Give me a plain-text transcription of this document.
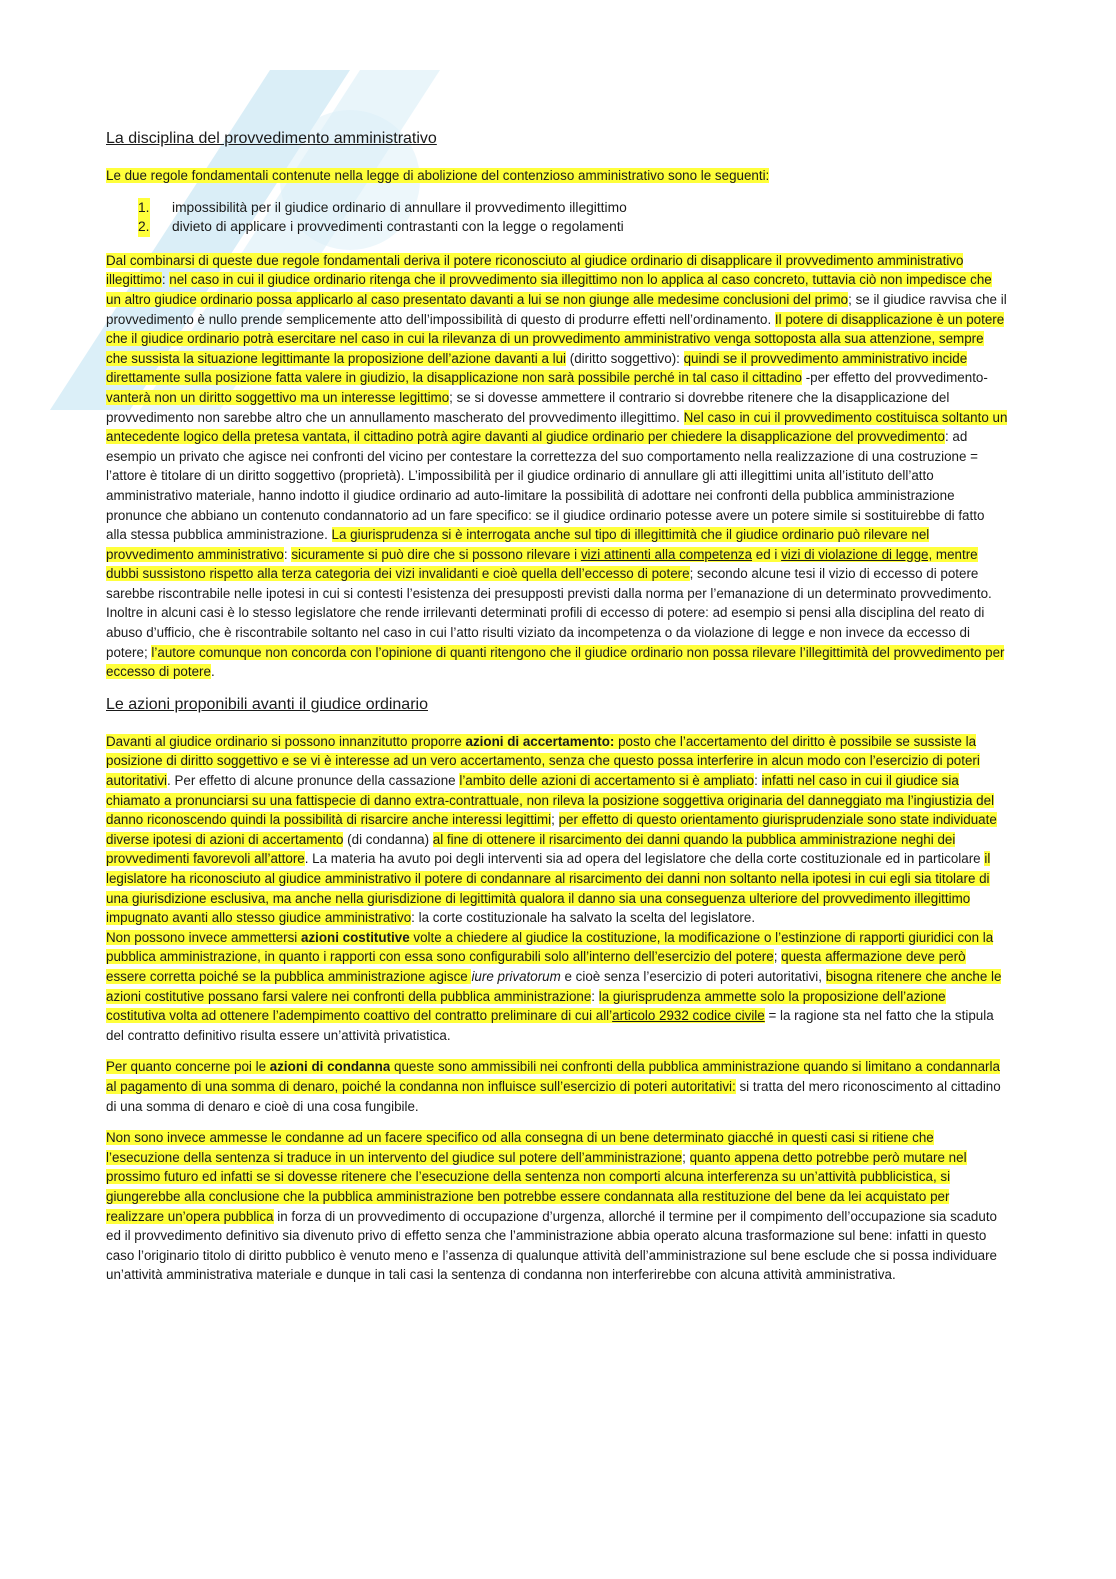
La disciplina del provvedimento amministrativo

Le due regole fondamentali contenute nella legge di abolizione del contenzioso amministrativo sono le seguenti:

1. impossibilità per il giudice ordinario di annullare il provvedimento illegittimo
2. divieto di applicare i provvedimenti contrastanti con la legge o regolamenti

Dal combinarsi di queste due regole fondamentali deriva il potere riconosciuto al giudice ordinario di disapplicare il provvedimento amministrativo illegittimo: nel caso in cui il giudice ordinario ritenga che il provvedimento sia illegittimo non lo applica al caso concreto, tuttavia ciò non impedisce che un altro giudice ordinario possa applicarlo al caso presentato davanti a lui se non giunge alle medesime conclusioni del primo; se il giudice ravvisa che il provvedimento è nullo prende semplicemente atto dell’impossibilità di questo di produrre effetti nell’ordinamento. Il potere di disapplicazione è un potere che il giudice ordinario potrà esercitare nel caso in cui la rilevanza di un provvedimento amministrativo venga sottoposta alla sua attenzione, sempre che sussista la situazione legittimante la proposizione dell’azione davanti a lui (diritto soggettivo): quindi se il provvedimento amministrativo incide direttamente sulla posizione fatta valere in giudizio, la disapplicazione non sarà possibile perché in tal caso il cittadino -per effetto del provvedimento- vanterà non un diritto soggettivo ma un interesse legittimo; se si dovesse ammettere il contrario si dovrebbe ritenere che la disapplicazione del provvedimento non sarebbe altro che un annullamento mascherato del provvedimento illegittimo. Nel caso in cui il provvedimento costituisca soltanto un antecedente logico della pretesa vantata, il cittadino potrà agire davanti al giudice ordinario per chiedere la disapplicazione del provvedimento: ad esempio un privato che agisce nei confronti del vicino per contestare la correttezza del suo comportamento nella realizzazione di una costruzione = l’attore è titolare di un diritto soggettivo (proprietà). L’impossibilità per il giudice ordinario di annullare gli atti illegittimi unita all’istituto dell’atto amministrativo materiale, hanno indotto il giudice ordinario ad auto-limitare la possibilità di adottare nei confronti della pubblica amministrazione pronunce che abbiano un contenuto condannatorio ad un fare specifico: se il giudice ordinario potesse avere un potere simile si sostituirebbe di fatto alla stessa pubblica amministrazione. La giurisprudenza si è interrogata anche sul tipo di illegittimità che il giudice ordinario può rilevare nel provvedimento amministrativo: sicuramente si può dire che si possono rilevare i vizi attinenti alla competenza ed i vizi di violazione di legge, mentre dubbi sussistono rispetto alla terza categoria dei vizi invalidanti e cioè quella dell’eccesso di potere; secondo alcune tesi il vizio di eccesso di potere sarebbe riscontrabile nelle ipotesi in cui si contesti l’esistenza dei presupposti previsti dalla norma per l’emanazione di un determinato provvedimento. Inoltre in alcuni casi è lo stesso legislatore che rende irrilevanti determinati profili di eccesso di potere: ad esempio si pensi alla disciplina del reato di abuso d’ufficio, che è riscontrabile soltanto nel caso in cui l’atto risulti viziato da incompetenza o da violazione di legge e non invece da eccesso di potere; l’autore comunque non concorda con l’opinione di quanti ritengono che il giudice ordinario non possa rilevare l’illegittimità del provvedimento per eccesso di potere.

Le azioni proponibili avanti il giudice ordinario

Davanti al giudice ordinario si possono innanzitutto proporre azioni di accertamento: posto che l’accertamento del diritto è possibile se sussiste la posizione di diritto soggettivo e se vi è interesse ad un vero accertamento, senza che questo possa interferire in alcun modo con l’esercizio di poteri autoritativi. Per effetto di alcune pronunce della cassazione l’ambito delle azioni di accertamento si è ampliato: infatti nel caso in cui il giudice sia chiamato a pronunciarsi su una fattispecie di danno extra-contrattuale, non rileva la posizione soggettiva originaria del danneggiato ma l’ingiustizia del danno riconoscendo quindi la possibilità di risarcire anche interessi legittimi; per effetto di questo orientamento giurisprudenziale sono state individuate diverse ipotesi di azioni di accertamento (di condanna) al fine di ottenere il risarcimento dei danni quando la pubblica amministrazione neghi dei provvedimenti favorevoli all’attore. La materia ha avuto poi degli interventi sia ad opera del legislatore che della corte costituzionale ed in particolare il legislatore ha riconosciuto al giudice amministrativo il potere di condannare al risarcimento dei danni non soltanto nella ipotesi in cui egli sia titolare di una giurisdizione esclusiva, ma anche nella giurisdizione di legittimità qualora il danno sia una conseguenza ulteriore del provvedimento illegittimo impugnato avanti allo stesso giudice amministrativo: la corte costituzionale ha salvato la scelta del legislatore.

Non possono invece ammettersi azioni costitutive volte a chiedere al giudice la costituzione, la modificazione o l’estinzione di rapporti giuridici con la pubblica amministrazione, in quanto i rapporti con essa sono configurabili solo all’interno dell’esercizio del potere; questa affermazione deve però essere corretta poiché se la pubblica amministrazione agisce iure privatorum e cioè senza l’esercizio di poteri autoritativi, bisogna ritenere che anche le azioni costitutive possano farsi valere nei confronti della pubblica amministrazione: la giurisprudenza ammette solo la proposizione dell’azione costitutiva volta ad ottenere l’adempimento coattivo del contratto preliminare di cui all’articolo 2932 codice civile = la ragione sta nel fatto che la stipula del contratto definitivo risulta essere un’attività privatistica.

Per quanto concerne poi le azioni di condanna queste sono ammissibili nei confronti della pubblica amministrazione quando si limitano a condannarla al pagamento di una somma di denaro, poiché la condanna non influisce sull’esercizio di poteri autoritativi: si tratta del mero riconoscimento al cittadino di una somma di denaro e cioè di una cosa fungibile.

Non sono invece ammesse le condanne ad un facere specifico od alla consegna di un bene determinato giacché in questi casi si ritiene che l’esecuzione della sentenza si traduce in un intervento del giudice sul potere dell’amministrazione; quanto appena detto potrebbe però mutare nel prossimo futuro ed infatti se si dovesse ritenere che l’esecuzione della sentenza non comporti alcuna interferenza su un’attività pubblicistica, si giungerebbe alla conclusione che la pubblica amministrazione ben potrebbe essere condannata alla restituzione del bene da lei acquistato per realizzare un’opera pubblica in forza di un provvedimento di occupazione d’urgenza, allorché il termine per il compimento dell’occupazione sia scaduto ed il provvedimento definitivo sia divenuto privo di effetto senza che l’amministrazione abbia operato alcuna trasformazione sul bene: infatti in questo caso l’originario titolo di diritto pubblico è venuto meno e l’assenza di qualunque attività dell’amministrazione sul bene esclude che si possa individuare un’attività amministrativa materiale e dunque in tali casi la sentenza di condanna non interferirebbe con alcuna attività amministrativa.
